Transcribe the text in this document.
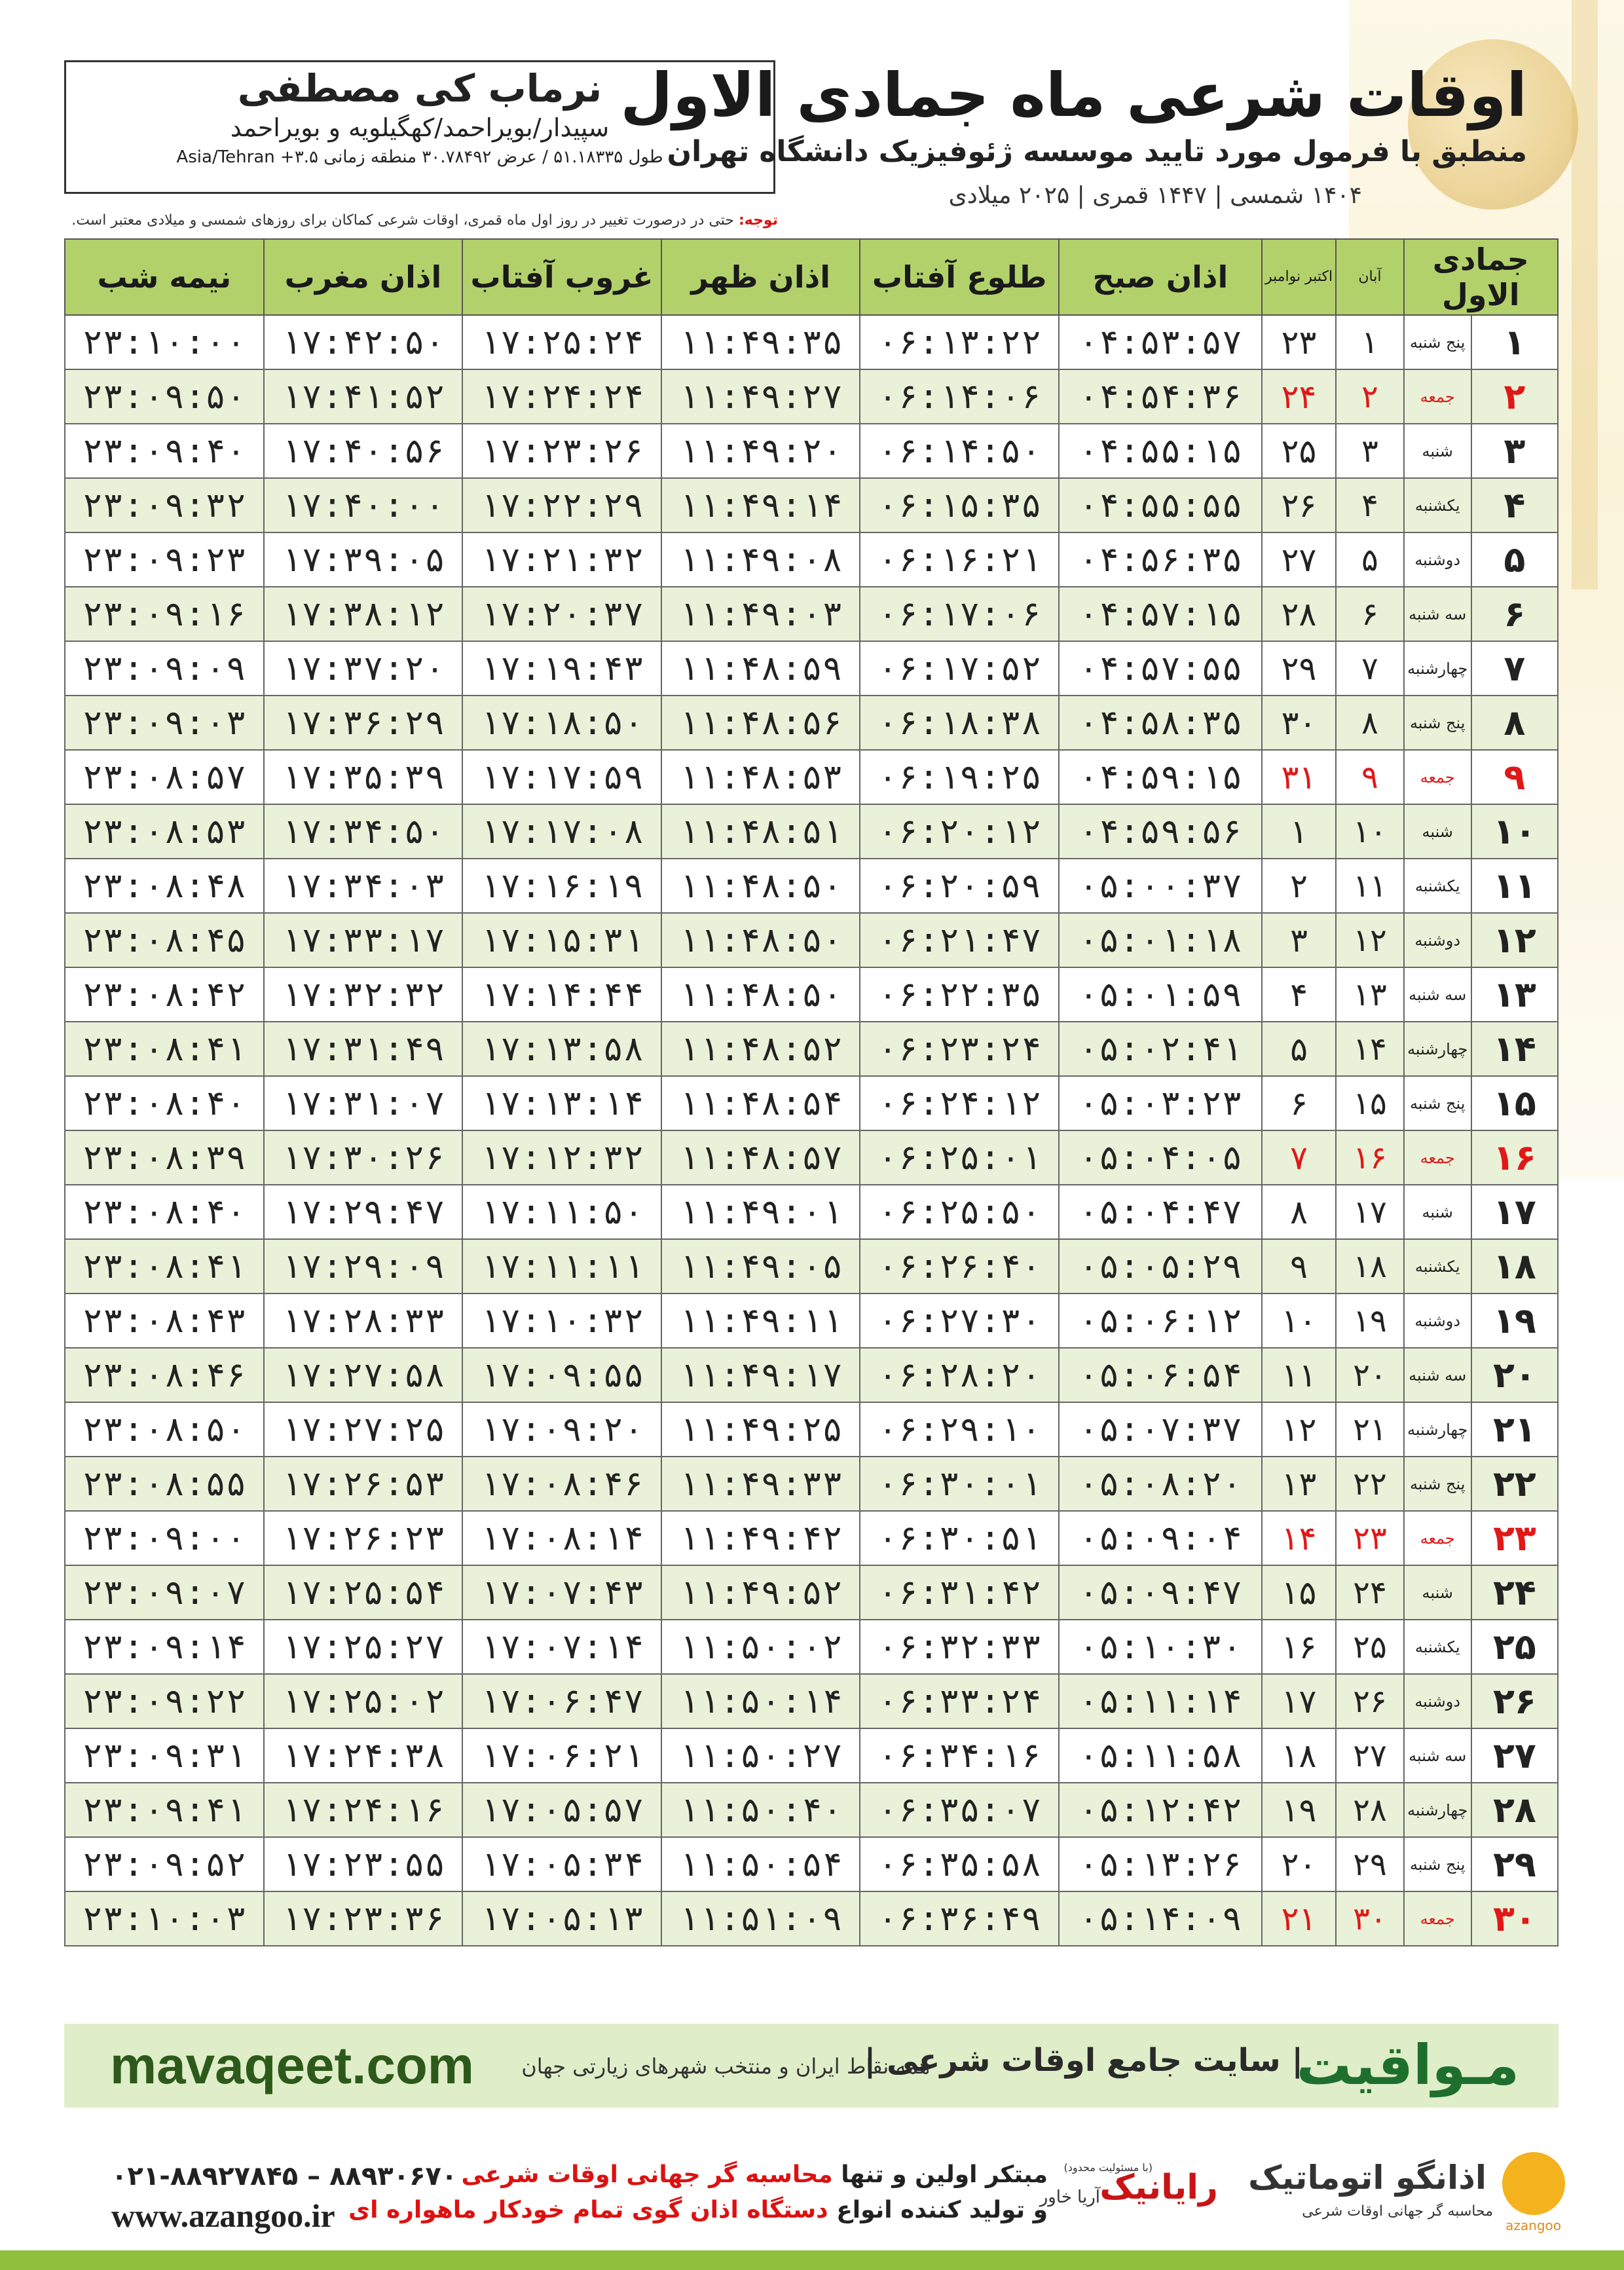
نرماب کی مصطفی
سپیدار/بویراحمد/کهگیلویه و بویراحمد
طول ۵۱.۱۸۳۳۵ / عرض ۳۰.۷۸۴۹۲ منطقه زمانی ۳.۵+ Asia/Tehran
اوقات شرعی ماه جمادی الاول
منطبق با فرمول مورد تایید موسسه ژئوفیزیک دانشگاه تهران
۱۴۰۴ شمسی | ۱۴۴۷ قمری | ۲۰۲۵ میلادی
توجه: حتی در درصورت تغییر در روز اول ماه قمری، اوقات شرعی کماکان برای روزهای شمسی و میلادی معتبر است.
جمادی الاول		آبان	اکتبر نوامبر	اذان صبح	طلوع آفتاب	اذان ظهر	غروب آفتاب	اذان مغرب	نیمه شب
۱	پنج شنبه	۱	۲۳	۰۴:۵۳:۵۷	۰۶:۱۳:۲۲	۱۱:۴۹:۳۵	۱۷:۲۵:۲۴	۱۷:۴۲:۵۰	۲۳:۱۰:۰۰
۲	جمعه	۲	۲۴	۰۴:۵۴:۳۶	۰۶:۱۴:۰۶	۱۱:۴۹:۲۷	۱۷:۲۴:۲۴	۱۷:۴۱:۵۲	۲۳:۰۹:۵۰
۳	شنبه	۳	۲۵	۰۴:۵۵:۱۵	۰۶:۱۴:۵۰	۱۱:۴۹:۲۰	۱۷:۲۳:۲۶	۱۷:۴۰:۵۶	۲۳:۰۹:۴۰
۴	یکشنبه	۴	۲۶	۰۴:۵۵:۵۵	۰۶:۱۵:۳۵	۱۱:۴۹:۱۴	۱۷:۲۲:۲۹	۱۷:۴۰:۰۰	۲۳:۰۹:۳۲
۵	دوشنبه	۵	۲۷	۰۴:۵۶:۳۵	۰۶:۱۶:۲۱	۱۱:۴۹:۰۸	۱۷:۲۱:۳۲	۱۷:۳۹:۰۵	۲۳:۰۹:۲۳
۶	سه شنبه	۶	۲۸	۰۴:۵۷:۱۵	۰۶:۱۷:۰۶	۱۱:۴۹:۰۳	۱۷:۲۰:۳۷	۱۷:۳۸:۱۲	۲۳:۰۹:۱۶
۷	چهارشنبه	۷	۲۹	۰۴:۵۷:۵۵	۰۶:۱۷:۵۲	۱۱:۴۸:۵۹	۱۷:۱۹:۴۳	۱۷:۳۷:۲۰	۲۳:۰۹:۰۹
۸	پنج شنبه	۸	۳۰	۰۴:۵۸:۳۵	۰۶:۱۸:۳۸	۱۱:۴۸:۵۶	۱۷:۱۸:۵۰	۱۷:۳۶:۲۹	۲۳:۰۹:۰۳
۹	جمعه	۹	۳۱	۰۴:۵۹:۱۵	۰۶:۱۹:۲۵	۱۱:۴۸:۵۳	۱۷:۱۷:۵۹	۱۷:۳۵:۳۹	۲۳:۰۸:۵۷
۱۰	شنبه	۱۰	۱	۰۴:۵۹:۵۶	۰۶:۲۰:۱۲	۱۱:۴۸:۵۱	۱۷:۱۷:۰۸	۱۷:۳۴:۵۰	۲۳:۰۸:۵۳
۱۱	یکشنبه	۱۱	۲	۰۵:۰۰:۳۷	۰۶:۲۰:۵۹	۱۱:۴۸:۵۰	۱۷:۱۶:۱۹	۱۷:۳۴:۰۳	۲۳:۰۸:۴۸
۱۲	دوشنبه	۱۲	۳	۰۵:۰۱:۱۸	۰۶:۲۱:۴۷	۱۱:۴۸:۵۰	۱۷:۱۵:۳۱	۱۷:۳۳:۱۷	۲۳:۰۸:۴۵
۱۳	سه شنبه	۱۳	۴	۰۵:۰۱:۵۹	۰۶:۲۲:۳۵	۱۱:۴۸:۵۰	۱۷:۱۴:۴۴	۱۷:۳۲:۳۲	۲۳:۰۸:۴۲
۱۴	چهارشنبه	۱۴	۵	۰۵:۰۲:۴۱	۰۶:۲۳:۲۴	۱۱:۴۸:۵۲	۱۷:۱۳:۵۸	۱۷:۳۱:۴۹	۲۳:۰۸:۴۱
۱۵	پنج شنبه	۱۵	۶	۰۵:۰۳:۲۳	۰۶:۲۴:۱۲	۱۱:۴۸:۵۴	۱۷:۱۳:۱۴	۱۷:۳۱:۰۷	۲۳:۰۸:۴۰
۱۶	جمعه	۱۶	۷	۰۵:۰۴:۰۵	۰۶:۲۵:۰۱	۱۱:۴۸:۵۷	۱۷:۱۲:۳۲	۱۷:۳۰:۲۶	۲۳:۰۸:۳۹
۱۷	شنبه	۱۷	۸	۰۵:۰۴:۴۷	۰۶:۲۵:۵۰	۱۱:۴۹:۰۱	۱۷:۱۱:۵۰	۱۷:۲۹:۴۷	۲۳:۰۸:۴۰
۱۸	یکشنبه	۱۸	۹	۰۵:۰۵:۲۹	۰۶:۲۶:۴۰	۱۱:۴۹:۰۵	۱۷:۱۱:۱۱	۱۷:۲۹:۰۹	۲۳:۰۸:۴۱
۱۹	دوشنبه	۱۹	۱۰	۰۵:۰۶:۱۲	۰۶:۲۷:۳۰	۱۱:۴۹:۱۱	۱۷:۱۰:۳۲	۱۷:۲۸:۳۳	۲۳:۰۸:۴۳
۲۰	سه شنبه	۲۰	۱۱	۰۵:۰۶:۵۴	۰۶:۲۸:۲۰	۱۱:۴۹:۱۷	۱۷:۰۹:۵۵	۱۷:۲۷:۵۸	۲۳:۰۸:۴۶
۲۱	چهارشنبه	۲۱	۱۲	۰۵:۰۷:۳۷	۰۶:۲۹:۱۰	۱۱:۴۹:۲۵	۱۷:۰۹:۲۰	۱۷:۲۷:۲۵	۲۳:۰۸:۵۰
۲۲	پنج شنبه	۲۲	۱۳	۰۵:۰۸:۲۰	۰۶:۳۰:۰۱	۱۱:۴۹:۳۳	۱۷:۰۸:۴۶	۱۷:۲۶:۵۳	۲۳:۰۸:۵۵
۲۳	جمعه	۲۳	۱۴	۰۵:۰۹:۰۴	۰۶:۳۰:۵۱	۱۱:۴۹:۴۲	۱۷:۰۸:۱۴	۱۷:۲۶:۲۳	۲۳:۰۹:۰۰
۲۴	شنبه	۲۴	۱۵	۰۵:۰۹:۴۷	۰۶:۳۱:۴۲	۱۱:۴۹:۵۲	۱۷:۰۷:۴۳	۱۷:۲۵:۵۴	۲۳:۰۹:۰۷
۲۵	یکشنبه	۲۵	۱۶	۰۵:۱۰:۳۰	۰۶:۳۲:۳۳	۱۱:۵۰:۰۲	۱۷:۰۷:۱۴	۱۷:۲۵:۲۷	۲۳:۰۹:۱۴
۲۶	دوشنبه	۲۶	۱۷	۰۵:۱۱:۱۴	۰۶:۳۳:۲۴	۱۱:۵۰:۱۴	۱۷:۰۶:۴۷	۱۷:۲۵:۰۲	۲۳:۰۹:۲۲
۲۷	سه شنبه	۲۷	۱۸	۰۵:۱۱:۵۸	۰۶:۳۴:۱۶	۱۱:۵۰:۲۷	۱۷:۰۶:۲۱	۱۷:۲۴:۳۸	۲۳:۰۹:۳۱
۲۸	چهارشنبه	۲۸	۱۹	۰۵:۱۲:۴۲	۰۶:۳۵:۰۷	۱۱:۵۰:۴۰	۱۷:۰۵:۵۷	۱۷:۲۴:۱۶	۲۳:۰۹:۴۱
۲۹	پنج شنبه	۲۹	۲۰	۰۵:۱۳:۲۶	۰۶:۳۵:۵۸	۱۱:۵۰:۵۴	۱۷:۰۵:۳۴	۱۷:۲۳:۵۵	۲۳:۰۹:۵۲
۳۰	جمعه	۳۰	۲۱	۰۵:۱۴:۰۹	۰۶:۳۶:۴۹	۱۱:۵۱:۰۹	۱۷:۰۵:۱۳	۱۷:۲۳:۳۶	۲۳:۱۰:۰۳
mavaqeet.com همه نقاط ایران و منتخب شهرهای زیارتی جهان
| سایت جامع اوقات شرعی |
مـواقیت
۰۲۱-۸۸۹۲۷۸۴۵ – ۸۸۹۳۰۶۷۰
www.azangoo.ir
مبتکر اولین و تنها محاسبه گر جهانی اوقات شرعی
و تولید کننده انواع دستگاه اذان گوی تمام خودکار ماهواره ای
(با مسئولیت محدود)
رایانیک
آریا خاور
اذانگو اتوماتیک
محاسبه گر جهانی اوقات شرعی
azangoo
